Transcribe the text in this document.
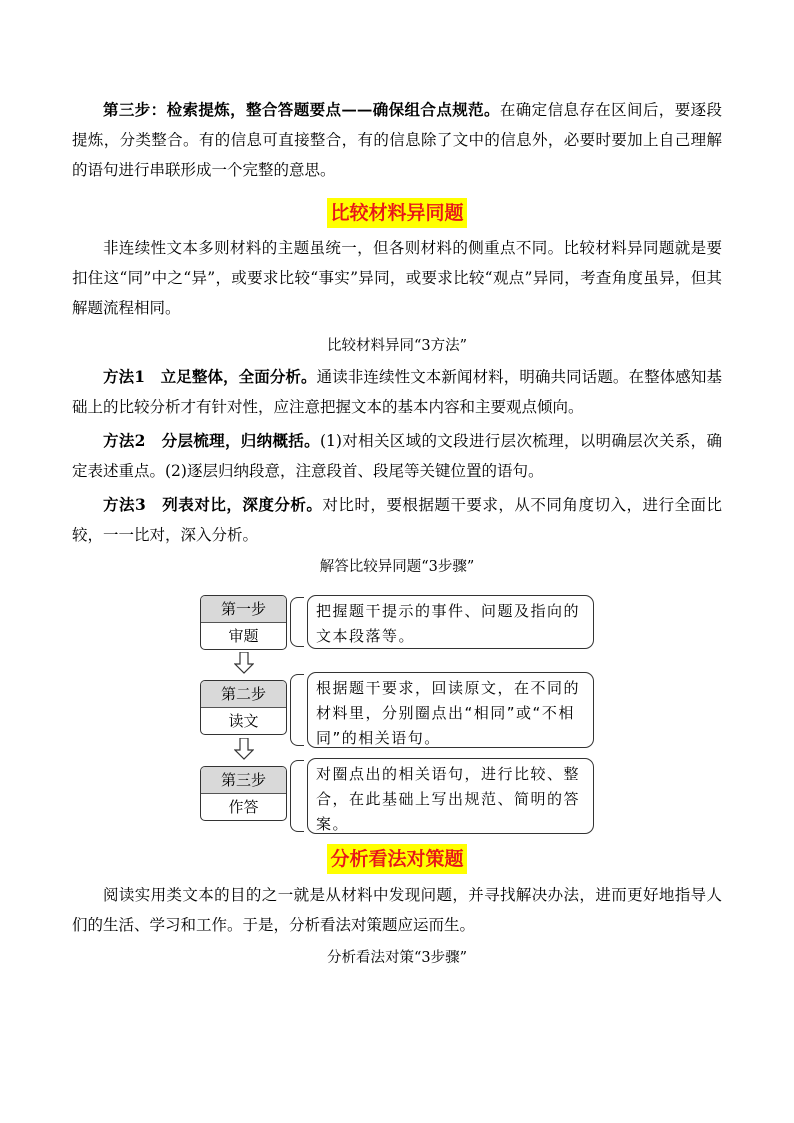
第三步：检索提炼，整合答题要点——确保组合点规范。在确定信息存在区间后，要逐段提炼，分类整合。有的信息可直接整合，有的信息除了文中的信息外，必要时要加上自己理解的语句进行串联形成一个完整的意思。

比较材料异同题

非连续性文本多则材料的主题虽统一，但各则材料的侧重点不同。比较材料异同题就是要扣住这“同”中之“异”，或要求比较“事实”异同，或要求比较“观点”异同，考查角度虽异，但其解题流程相同。

比较材料异同“3方法”

方法1　立足整体，全面分析。通读非连续性文本新闻材料，明确共同话题。在整体感知基础上的比较分析才有针对性，应注意把握文本的基本内容和主要观点倾向。

方法2　分层梳理，归纳概括。(1)对相关区域的文段进行层次梳理，以明确层次关系，确定表述重点。(2)逐层归纳段意，注意段首、段尾等关键位置的语句。

方法3　列表对比，深度分析。对比时，要根据题干要求，从不同角度切入，进行全面比较，一一比对，深入分析。

解答比较异同题“3步骤”

第一步
审题
把握题干提示的事件、问题及指向的文本段落等。
第二步
读文
根据题干要求，回读原文，在不同的材料里，分别圈点出“相同”或“不相同”的相关语句。
第三步
作答
对圈点出的相关语句，进行比较、整合，在此基础上写出规范、简明的答案。
分析看法对策题

阅读实用类文本的目的之一就是从材料中发现问题，并寻找解决办法，进而更好地指导人们的生活、学习和工作。于是，分析看法对策题应运而生。

分析看法对策“3步骤”
